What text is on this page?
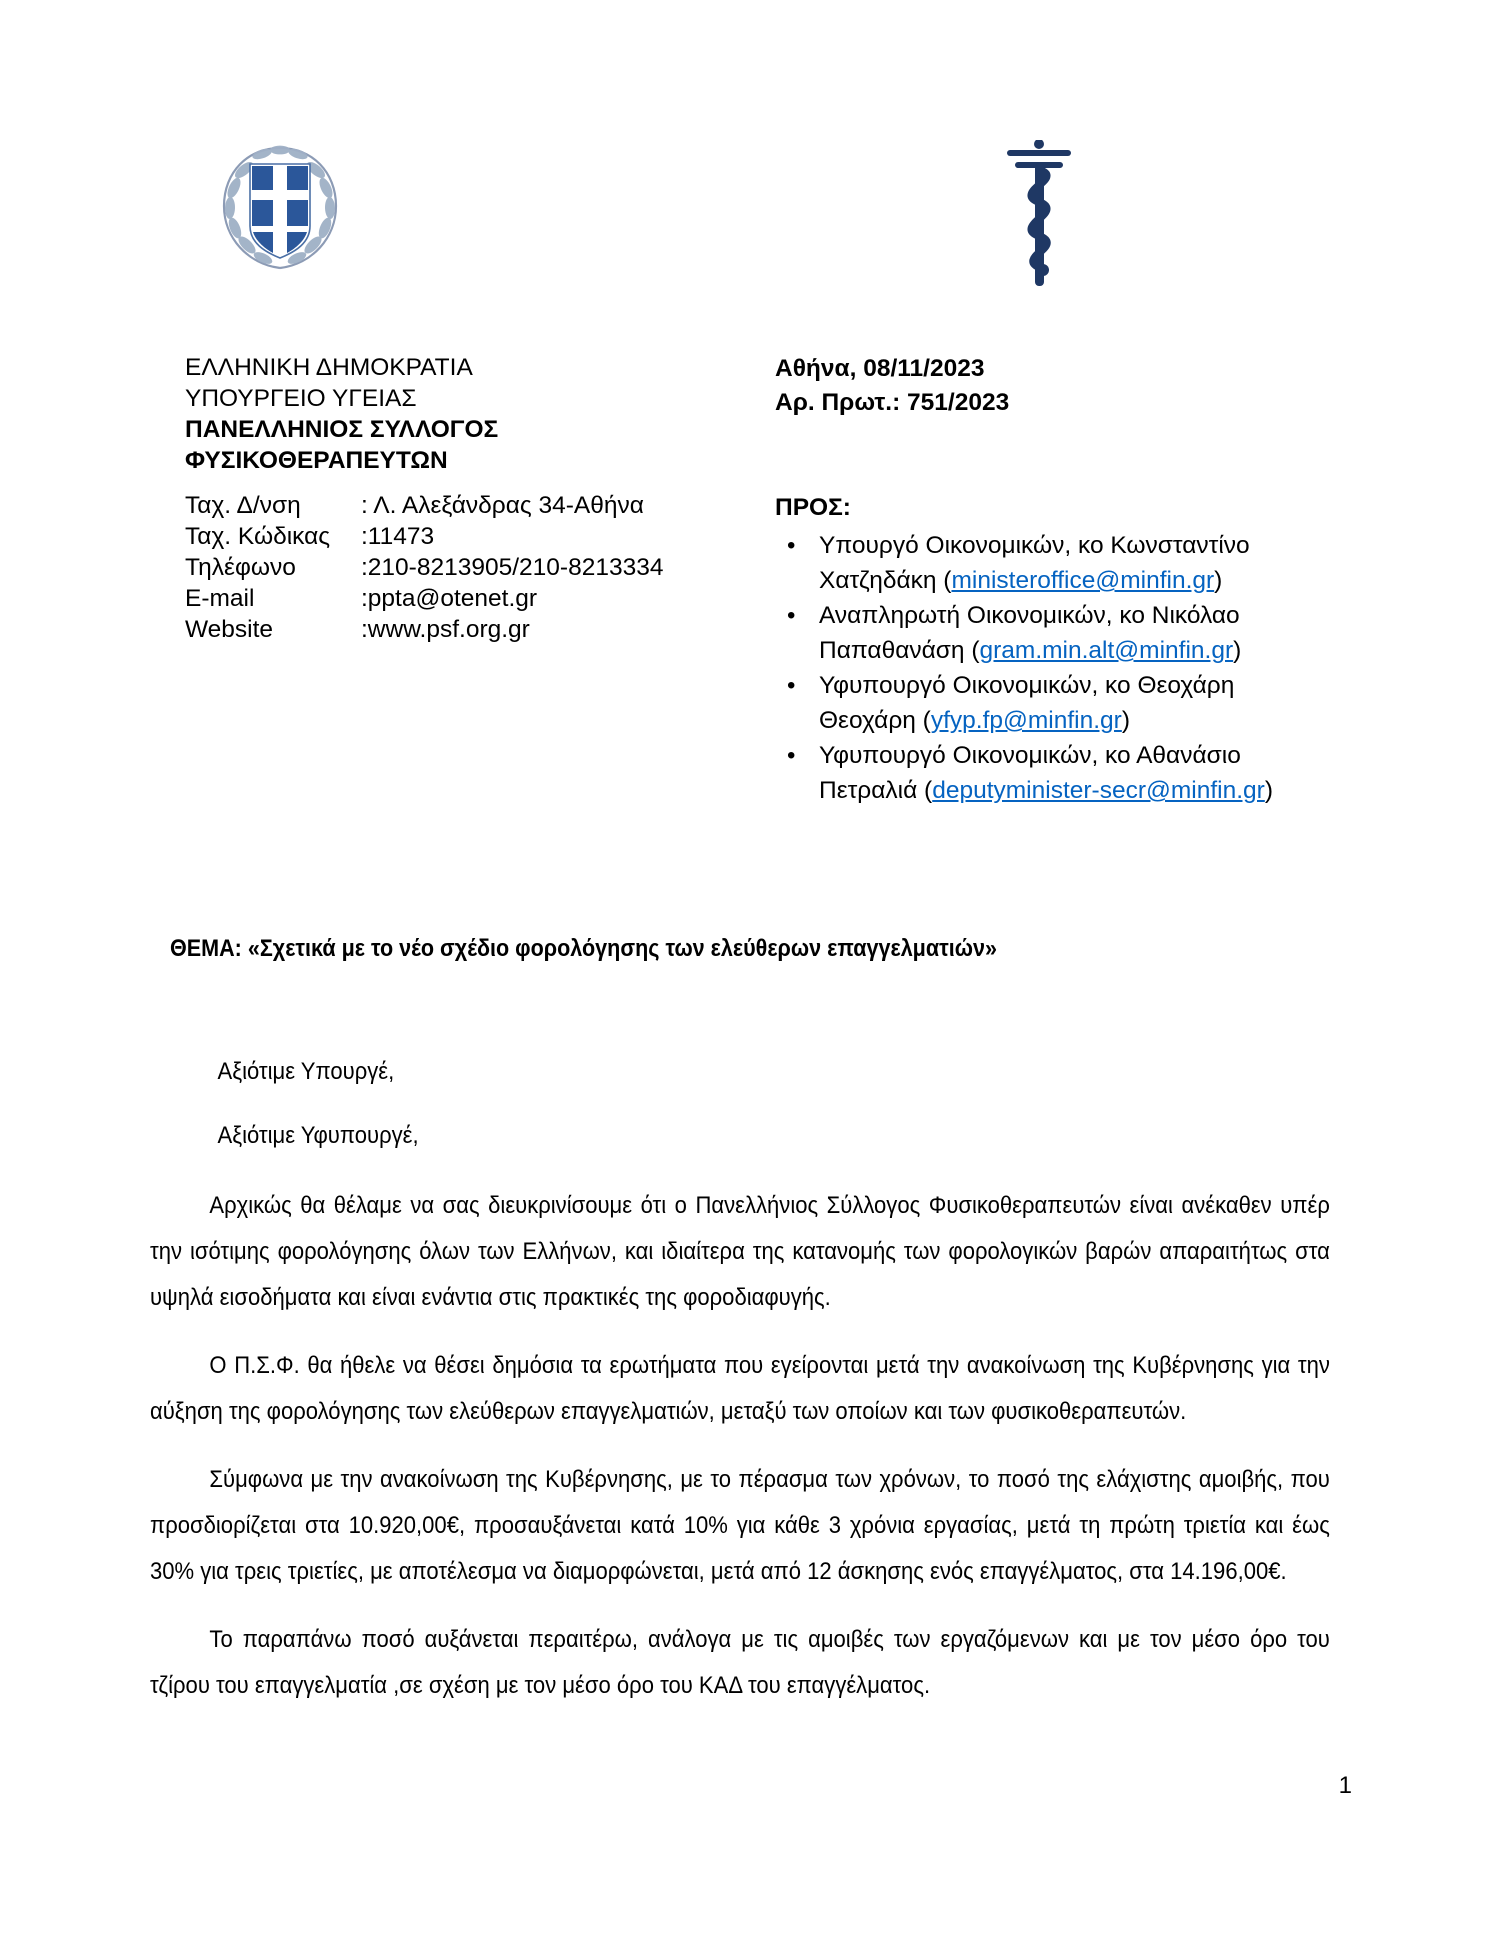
ΕΛΛΗΝΙΚΗ ΔΗΜΟΚΡΑΤΙΑ
ΥΠΟΥΡΓΕΙΟ ΥΓΕΙΑΣ
ΠΑΝΕΛΛΗΝΙΟΣ ΣΥΛΛΟΓΟΣ
ΦΥΣΙΚΟΘΕΡΑΠΕΥΤΩΝ
Ταχ. Δ/νση	: Λ. Αλεξάνδρας 34-Αθήνα
Ταχ. Κώδικας	:11473
Τηλέφωνο	:210-8213905/210-8213334
E-mail	:ppta@otenet.gr
Website	:www.psf.org.gr
Αθήνα, 08/11/2023
Αρ. Πρωτ.: 751/2023
ΠΡΟΣ:
• Υπουργό Οικονομικών, κο Κωνσταντίνο Χατζηδάκη (ministeroffice@minfin.gr)
• Αναπληρωτή Οικονομικών, κο Νικόλαο Παπαθανάση (gram.min.alt@minfin.gr)
• Υφυπουργό Οικονομικών, κο Θεοχάρη Θεοχάρη (yfyp.fp@minfin.gr)
• Υφυπουργό Οικονομικών, κο Αθανάσιο Πετραλιά (deputyminister-secr@minfin.gr)
ΘΕΜΑ: «Σχετικά με το νέο σχέδιο φορολόγησης των ελεύθερων επαγγελματιών»
Αξιότιμε Υπουργέ,
Αξιότιμε Υφυπουργέ,

Αρχικώς θα θέλαμε να σας διευκρινίσουμε ότι ο Πανελλήνιος Σύλλογος Φυσικοθεραπευτών είναι ανέκαθεν υπέρ την ισότιμης φορολόγησης όλων των Ελλήνων, και ιδιαίτερα της κατανομής των φορολογικών βαρών απαραιτήτως στα υψηλά εισοδήματα και είναι ενάντια στις πρακτικές της φοροδιαφυγής.

Ο Π.Σ.Φ. θα ήθελε να θέσει δημόσια τα ερωτήματα που εγείρονται μετά την ανακοίνωση της Κυβέρνησης για την αύξηση της φορολόγησης των ελεύθερων επαγγελματιών, μεταξύ των οποίων και των φυσικοθεραπευτών.

Σύμφωνα με την ανακοίνωση της Κυβέρνησης, με το πέρασμα των χρόνων, το ποσό της ελάχιστης αμοιβής, που προσδιορίζεται στα 10.920,00€, προσαυξάνεται κατά 10% για κάθε 3 χρόνια εργασίας, μετά τη πρώτη τριετία και έως 30% για τρεις τριετίες, με αποτέλεσμα να διαμορφώνεται, μετά από 12 άσκησης ενός επαγγέλματος, στα 14.196,00€.

Το παραπάνω ποσό αυξάνεται περαιτέρω, ανάλογα με τις αμοιβές των εργαζόμενων και με τον μέσο όρο του τζίρου του επαγγελματία ,σε σχέση με τον μέσο όρο του ΚΑΔ του επαγγέλματος.

1
